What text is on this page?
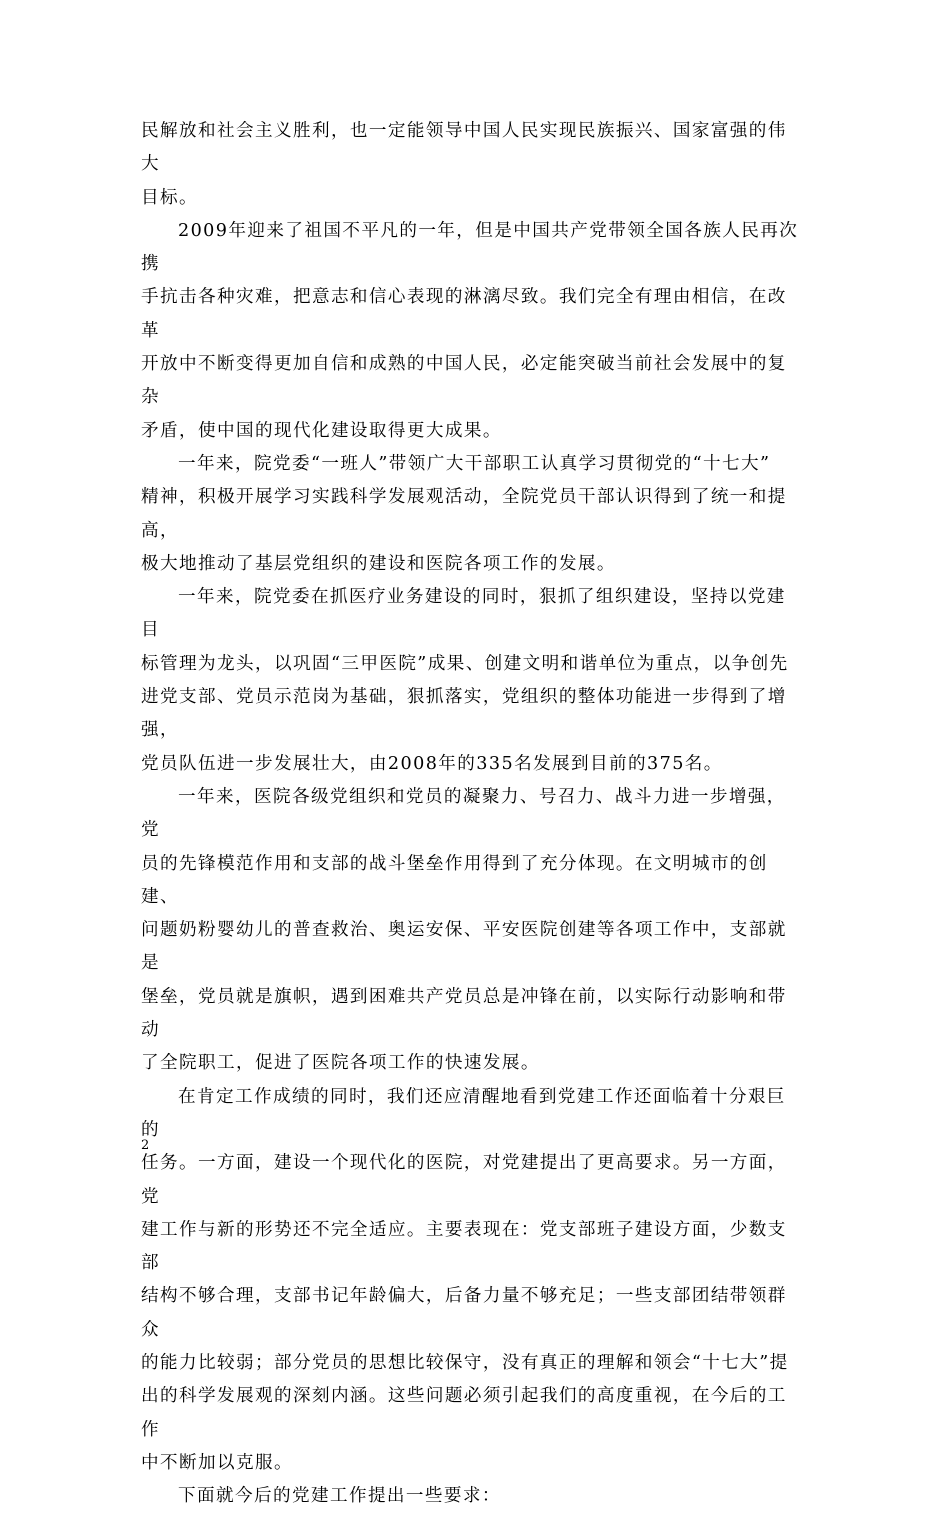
民解放和社会主义胜利，也一定能领导中国人民实现民族振兴、国家富强的伟大
目标。

2009年迎来了祖国不平凡的一年，但是中国共产党带领全国各族人民再次携
手抗击各种灾难，把意志和信心表现的淋漓尽致。我们完全有理由相信，在改革
开放中不断变得更加自信和成熟的中国人民，必定能突破当前社会发展中的复杂
矛盾，使中国的现代化建设取得更大成果。

一年来，院党委“一班人”带领广大干部职工认真学习贯彻党的“十七大”
精神，积极开展学习实践科学发展观活动，全院党员干部认识得到了统一和提高，
极大地推动了基层党组织的建设和医院各项工作的发展。

一年来，院党委在抓医疗业务建设的同时，狠抓了组织建设，坚持以党建目
标管理为龙头，以巩固“三甲医院”成果、创建文明和谐单位为重点，以争创先
进党支部、党员示范岗为基础，狠抓落实，党组织的整体功能进一步得到了增强，
党员队伍进一步发展壮大，由2008年的335名发展到目前的375名。

一年来，医院各级党组织和党员的凝聚力、号召力、战斗力进一步增强，党
员的先锋模范作用和支部的战斗堡垒作用得到了充分体现。在文明城市的创建、
问题奶粉婴幼儿的普查救治、奥运安保、平安医院创建等各项工作中，支部就是
堡垒，党员就是旗帜，遇到困难共产党员总是冲锋在前，以实际行动影响和带动
了全院职工，促进了医院各项工作的快速发展。

在肯定工作成绩的同时，我们还应清醒地看到党建工作还面临着十分艰巨的
任务。一方面，建设一个现代化的医院，对党建提出了更高要求。另一方面，党
建工作与新的形势还不完全适应。主要表现在：党支部班子建设方面，少数支部
结构不够合理，支部书记年龄偏大，后备力量不够充足；一些支部团结带领群众
的能力比较弱；部分党员的思想比较保守，没有真正的理解和领会“十七大”提
出的科学发展观的深刻内涵。这些问题必须引起我们的高度重视，在今后的工作
中不断加以克服。

下面就今后的党建工作提出一些要求：

2
